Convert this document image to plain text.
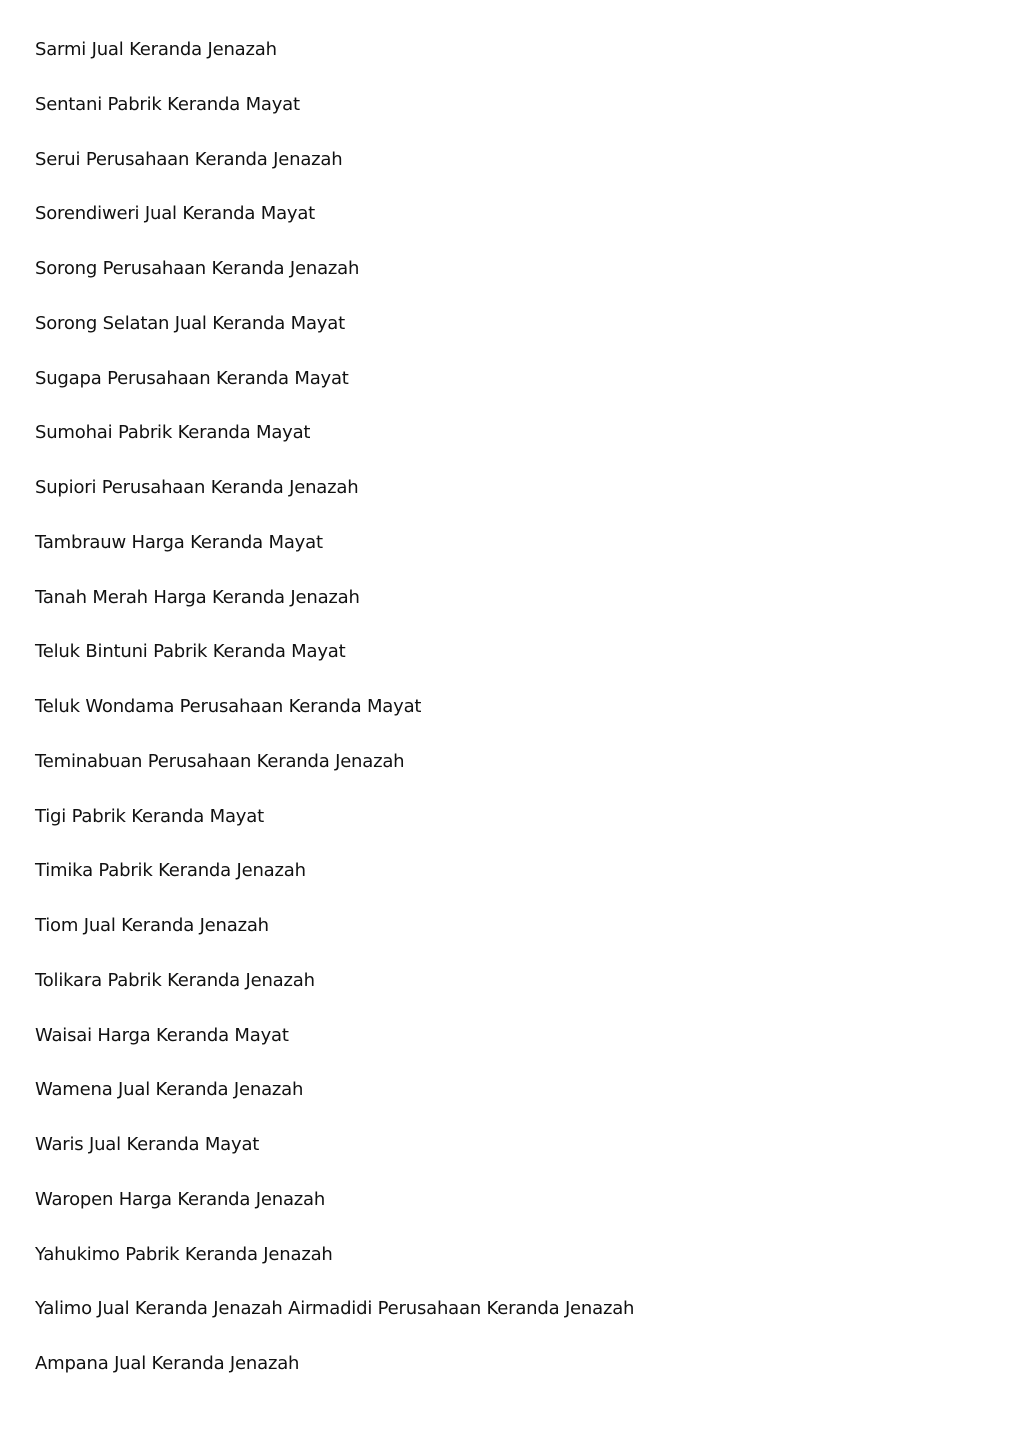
Sarmi Jual Keranda Jenazah
Sentani Pabrik Keranda Mayat
Serui Perusahaan Keranda Jenazah
Sorendiweri Jual Keranda Mayat
Sorong Perusahaan Keranda Jenazah
Sorong Selatan Jual Keranda Mayat
Sugapa Perusahaan Keranda Mayat
Sumohai Pabrik Keranda Mayat
Supiori Perusahaan Keranda Jenazah
Tambrauw Harga Keranda Mayat
Tanah Merah Harga Keranda Jenazah
Teluk Bintuni Pabrik Keranda Mayat
Teluk Wondama Perusahaan Keranda Mayat
Teminabuan Perusahaan Keranda Jenazah
Tigi Pabrik Keranda Mayat
Timika Pabrik Keranda Jenazah
Tiom Jual Keranda Jenazah
Tolikara Pabrik Keranda Jenazah
Waisai Harga Keranda Mayat
Wamena Jual Keranda Jenazah
Waris Jual Keranda Mayat
Waropen Harga Keranda Jenazah
Yahukimo Pabrik Keranda Jenazah
Yalimo Jual Keranda Jenazah Airmadidi Perusahaan Keranda Jenazah
Ampana Jual Keranda Jenazah
